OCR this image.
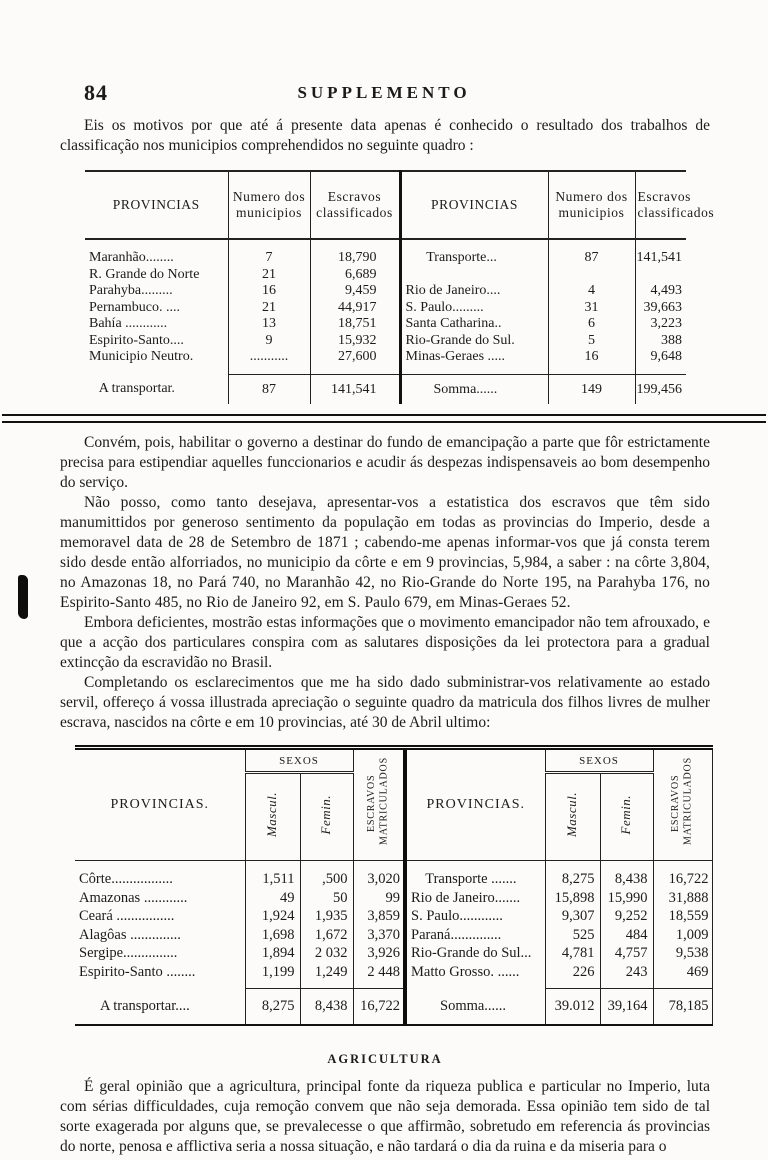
84	SUPPLEMENTO

Eis os motivos por que até á presente data apenas é conhecido o resultado dos trabalhos de classificação nos municipios comprehendidos no seguinte quadro :

PROVINCIAS	Numero dos municipios	Escravos classificados	PROVINCIAS	Numero dos municipios	Escravos classificados
Maranhão........	7	18,790	Transporte...	87	141,541
R. Grande do Norte	21	6,689			
Parahyba.........	16	9,459	Rio de Janeiro....	4	4,493
Pernambuco. ....	21	44,917	S. Paulo.........	31	39,663
Bahía ............	13	18,751	Santa Catharina..	6	3,223
Espirito-Santo....	9	15,932	Rio-Grande do Sul.	5	388
Municipio Neutro.	...........	27,600	Minas-Geraes .....	16	9,648
A transportar.	87	141,541	Somma......	149	199,456

Convém, pois, habilitar o governo a destinar do fundo de emancipação a parte que fôr estrictamente precisa para estipendiar aquelles funccionarios e acudir ás despezas indispensaveis ao bom desempenho do serviço.

Não posso, como tanto desejava, apresentar-vos a estatistica dos escravos que têm sido manumittidos por generoso sentimento da população em todas as provincias do Imperio, desde a memoravel data de 28 de Setembro de 1871 ; cabendo-me apenas informar-vos que já consta terem sido desde então alforriados, no municipio da côrte e em 9 provincias, 5,984, a saber : na côrte 3,804, no Amazonas 18, no Pará 740, no Maranhão 42, no Rio-Grande do Norte 195, na Parahyba 176, no Espirito-Santo 485, no Rio de Janeiro 92, em S. Paulo 679, em Minas-Geraes 52.

Embora deficientes, mostrão estas informações que o movimento emancipador não tem afrouxado, e que a acção dos particulares conspira com as salutares disposições da lei protectora para a gradual extincção da escravidão no Brasil.

Completando os esclarecimentos que me ha sido dado subministrar-vos relativamente ao estado servil, offereço á vossa illustrada apreciação o seguinte quadro da matricula dos filhos livres de mulher escrava, nascidos na côrte e em 10 provincias, até 30 de Abril ultimo:

PROVINCIAS.	SEXOS		ESCRAVOS MATRICULADOS	PROVINCIAS.	SEXOS		ESCRAVOS MATRICULADOS
	Mascul.	Femin.			Mascul.	Femin.	
Côrte.................	1,511	,500	3,020	Transporte .......	8,275	8,438	16,722
Amazonas ............	49	50	99	Rio de Janeiro.......	15,898	15,990	31,888
Ceará ................	1,924	1,935	3,859	S. Paulo............	9,307	9,252	18,559
Alagôas ..............	1,698	1,672	3,370	Paraná..............	525	484	1,009
Sergipe...............	1,894	2 032	3,926	Rio-Grande do Sul...	4,781	4,757	9,538
Espirito-Santo ........	1,199	1,249	2 448	Matto Grosso. ......	226	243	469
A transportar....	8,275	8,438	16,722	Somma......	39.012	39,164	78,185
AGRICULTURA

É geral opinião que a agricultura, principal fonte da riqueza publica e particular no Imperio, luta com sérias difficuldades, cuja remoção convem que não seja demorada. Essa opinião tem sido de tal sorte exagerada por alguns que, se prevalecesse o que affirmão, sobretudo em referencia ás provincias do norte, penosa e afflictiva seria a nossa situação, e não tardará o dia da ruina e da miseria para o
